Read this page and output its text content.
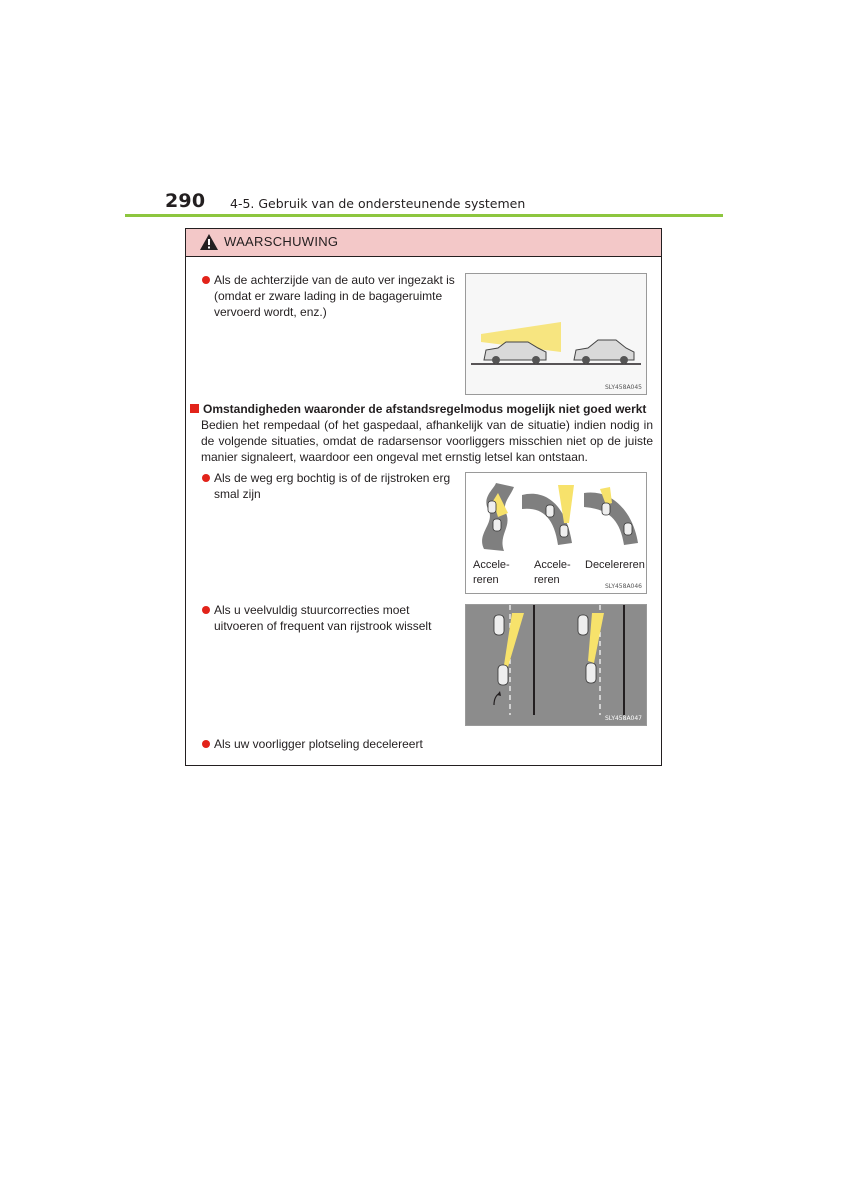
290 4-5. Gebruik van de ondersteunende systemen
WAARSCHUWING
Als de achterzijde van de auto ver ingezakt is (omdat er zware lading in de bagageruimte vervoerd wordt, enz.)
SLY458A045
Omstandigheden waaronder de afstandsregelmodus mogelijk niet goed werkt
Bedien het rempedaal (of het gaspedaal, afhankelijk van de situatie) indien nodig in de volgende situaties, omdat de radarsensor voorliggers misschien niet op de juiste manier signaleert, waardoor een ongeval met ernstig letsel kan ontstaan.
Als de weg erg bochtig is of de rijstroken erg smal zijn
Accele-
reren
Accele-
reren
Decelereren
SLY458A046
Als u veelvuldig stuurcorrecties moet uitvoeren of frequent van rijstrook wisselt
SLY458A047
Als uw voorligger plotseling decelereert
